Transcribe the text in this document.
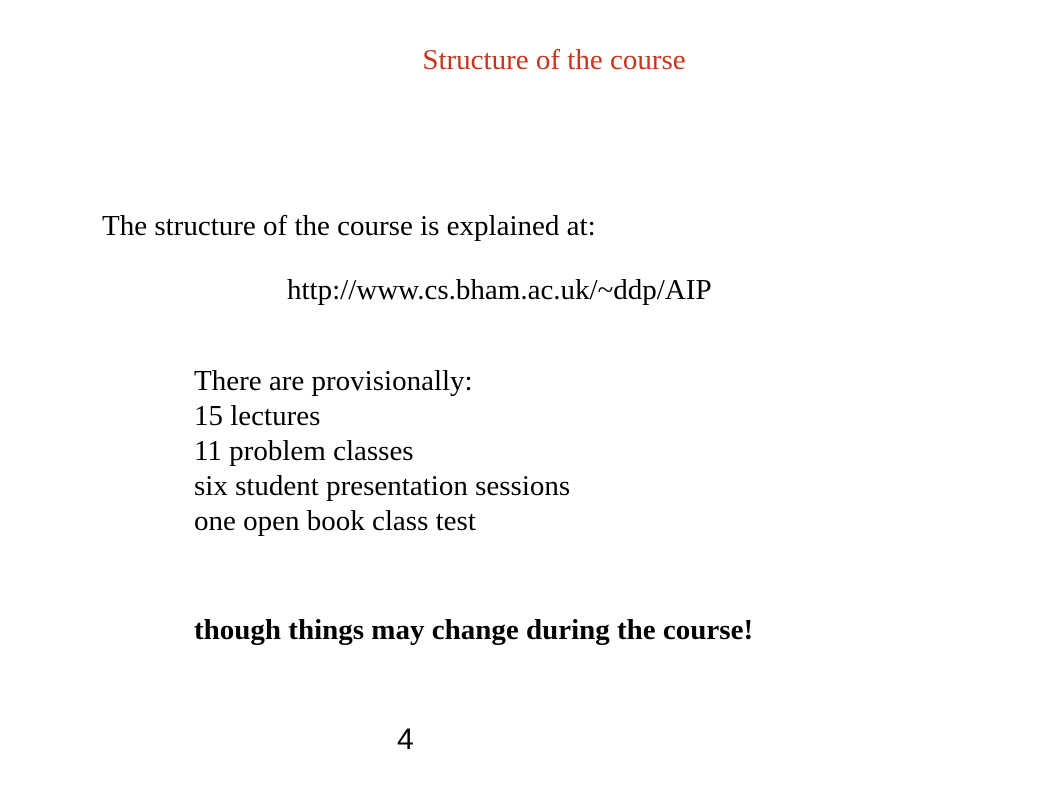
Structure of the course
The structure of the course is explained at:
http://www.cs.bham.ac.uk/~ddp/AIP
There are provisionally:
15 lectures
11 problem classes
six student presentation sessions
one open book class test
though things may change during the course!
4
